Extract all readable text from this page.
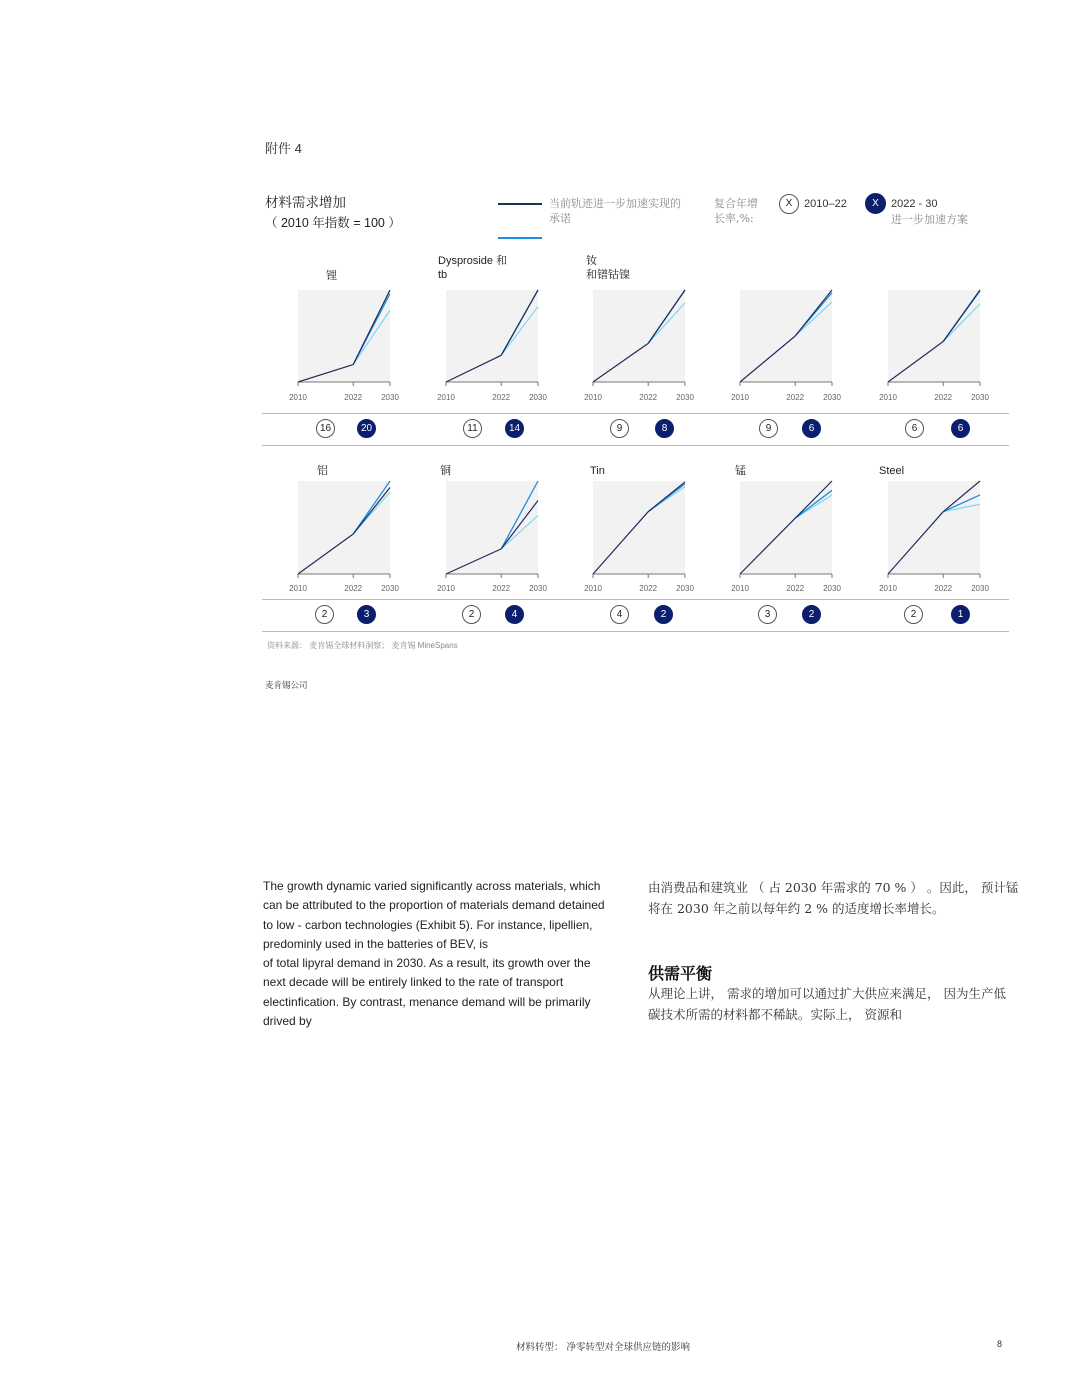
附件 4
材料需求增加
（ 2010 年指数 = 100 ）
当前轨迹进一步加速实现的承诺
复合年增长率,%:
X	2010–22	X	2022 - 30
进一步加速方案
2010	2022 2030	2010	2022 2030	2010	2022 2030	2010	2022 2030	2010	2022 2030
2010	2022 2030	2010	2022 2030	2010	2022 2030	2010	2022 2030	2010	2022 2030
锂
Dysproside 和
tb
钕
和镨钴镍
铝	铜	Tin	锰	Steel
16	20	11	14	9	8	9	6	6	6
2	3	2	4	4	2	3	2	2	1
资料来源： 麦肯锡全球材料洞察； 麦肯锡 MineSpans
麦肯锡公司
The growth dynamic varied significantly across materials, which can be attributed to the proportion of materials demand detained to low - carbon technologies (Exhibit 5). For instance, lipellien, predominly used in the batteries of BEV, is
of total lipyral demand in 2030. As a result, its growth over the next decade will be entirely linked to the rate of transport electinfication. By contrast, menance demand will be primarily drived by
由消费品和建筑业 （ 占 2030 年需求的 70 % ） 。因此， 预计锰将在 2030 年之前以每年约 2 % 的适度增长率增长。
供需平衡
从理论上讲， 需求的增加可以通过扩大供应来满足， 因为生产低碳技术所需的材料都不稀缺。实际上， 资源和
材料转型： 净零转型对全球供应链的影响	8
